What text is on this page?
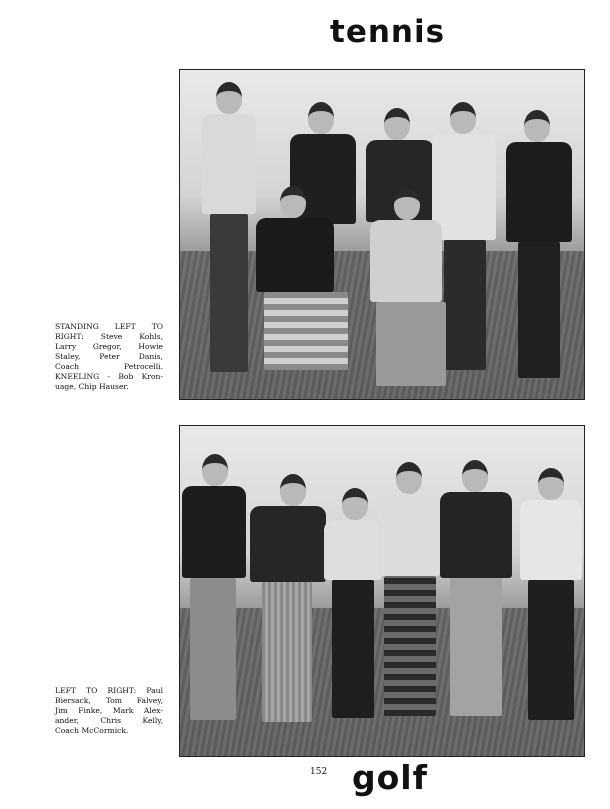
tennis
STANDING LEFT TO
RIGHT: Steve Kohls,
Larry Gregor, Howie
Staley, Peter Danis,
Coach Petrocelli.
KNEELING - Bob Kron-
uage, Chip Hauser.
LEFT TO RIGHT: Paul
Biersack, Tom Falvey,
Jim Finke, Mark Alex-
ander, Chris Kelly,
Coach McCormick.
152 golf
